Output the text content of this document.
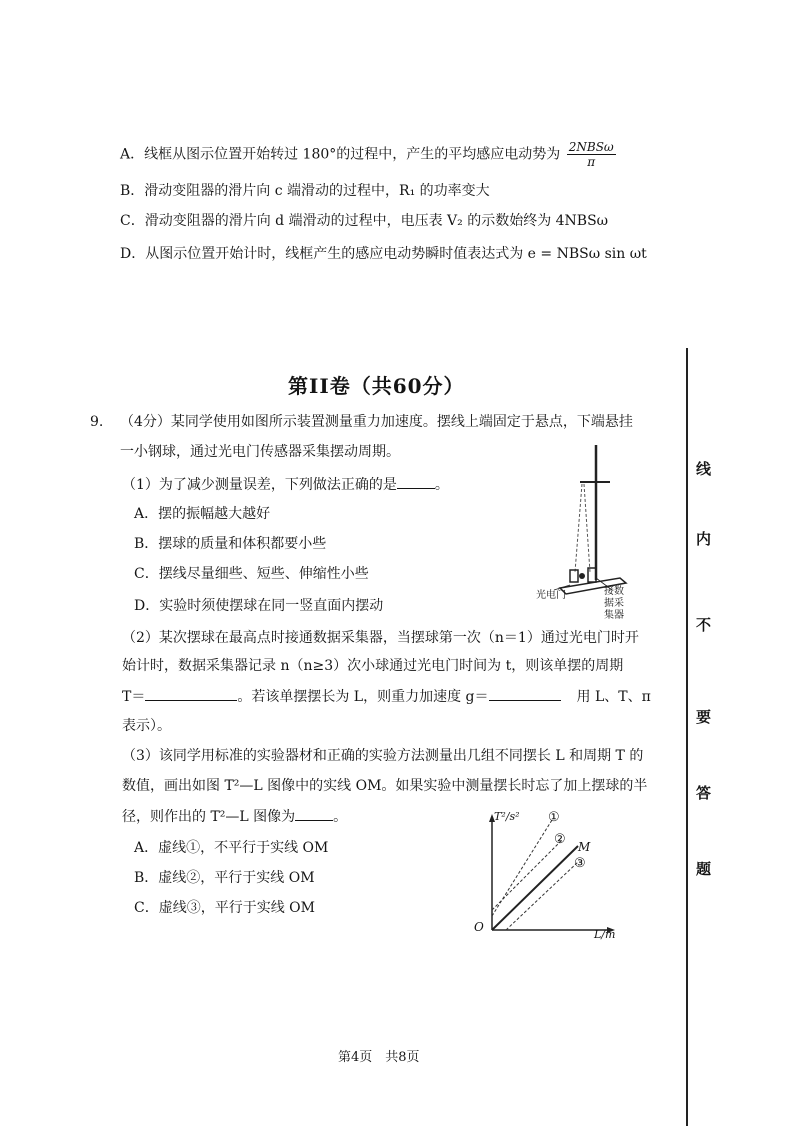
A．线框从图示位置开始转过 180°的过程中，产生的平均感应电动势为 $\frac{\text{2NBSω}}{\pi}$
B．滑动变阻器的滑片向 c 端滑动的过程中，R₁ 的功率变大
C．滑动变阻器的滑片向 d 端滑动的过程中，电压表 V₂ 的示数始终为 4NBSω
D．从图示位置开始计时，线框产生的感应电动势瞬时值表达式为 e = NBSω sin ωt
第II卷（共60分）
9. （4分）某同学使用如图所示装置测量重力加速度。摆线上端固定于悬点，下端悬挂
一小钢球，通过光电门传感器采集摆动周期。
（1）为了减少测量误差，下列做法正确的是	。
A．摆的振幅越大越好
B．摆球的质量和体积都要小些
C．摆线尽量细些、短些、伸缩性小些
D．实验时须使摆球在同一竖直面内摆动
（2）某次摆球在最高点时接通数据采集器，当摆球第一次（n＝1）通过光电门时开
始计时，数据采集器记录 n（n≥3）次小球通过光电门时间为 t，则该单摆的周期
T＝	。若该单摆摆长为 L，则重力加速度 g＝	用 L、T、π
表示）。
（3）该同学用标准的实验器材和正确的实验方法测量出几组不同摆长 L 和周期 T 的
数值，画出如图 T²—L 图像中的实线 OM。如果实验中测量摆长时忘了加上摆球的半
径，则作出的 T²—L 图像为	。
A．虚线①，不平行于实线 OM
B．虚线②，平行于实线 OM
C．虚线③，平行于实线 OM
光电门	接数据采集器
T²/s²
L/m
O
M
①
②
③
线
内
不
要
答
题
第4页　共8页
